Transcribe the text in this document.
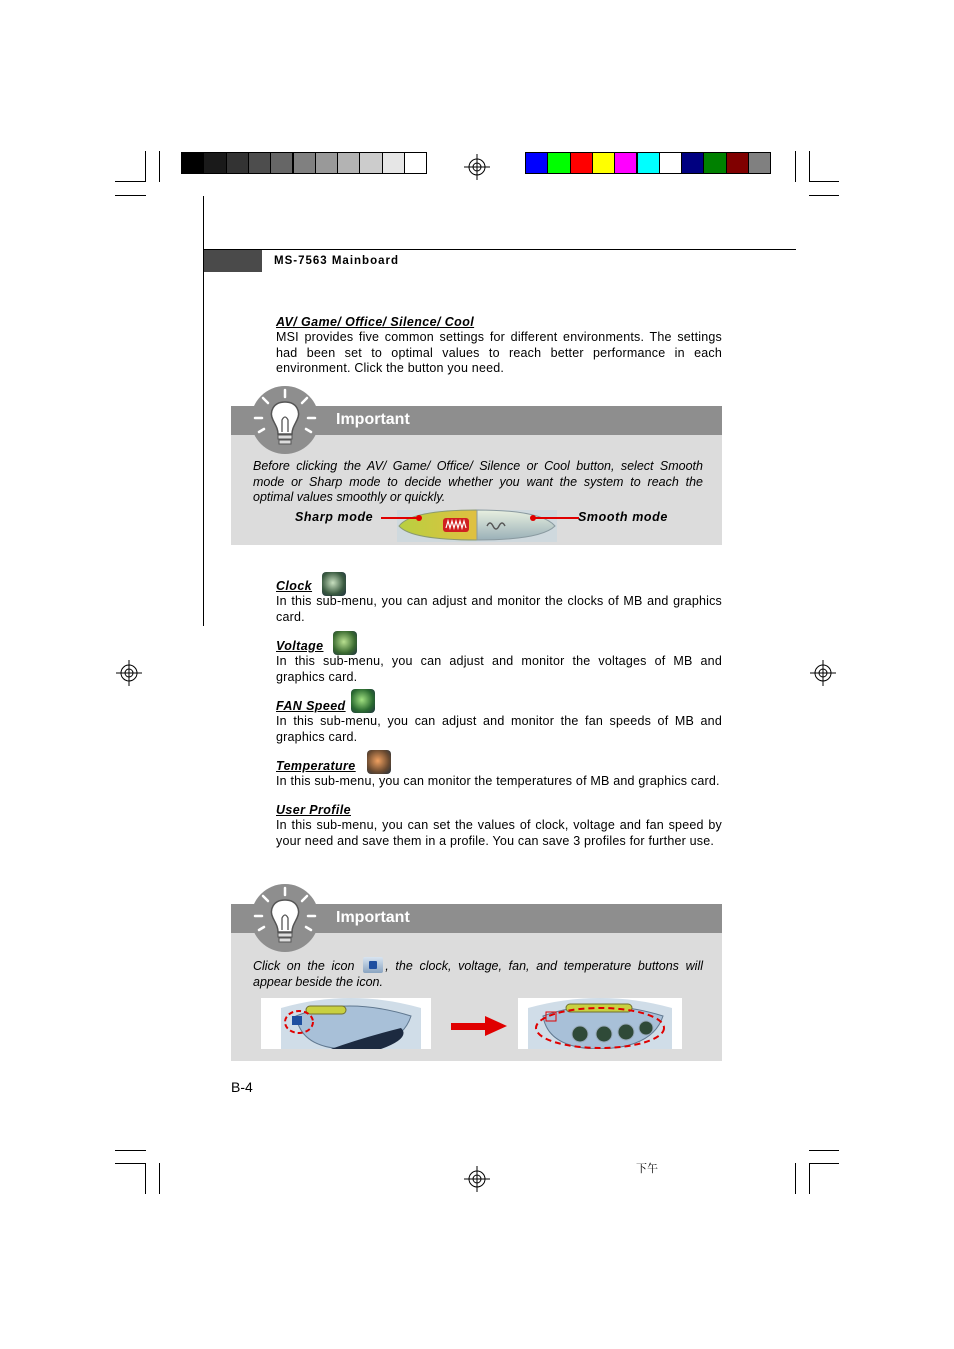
MS-7563 Mainboard
AV/ Game/ Office/ Silence/ Cool
MSI provides five common settings for different environments. The settings had been set to optimal values to reach better performance in each environment. Click the button you need.
Important
Before clicking the AV/ Game/ Office/ Silence or Cool button, select Smooth mode or Sharp mode to decide whether you want the system to reach the optimal values smoothly or quickly.
Sharp mode	Smooth mode
Clock
In this sub-menu, you can adjust and monitor the clocks of MB and graphics card.
Voltage
In this sub-menu, you can adjust and monitor the voltages of MB and graphics card.
FAN Speed
In this sub-menu, you can adjust and monitor the fan speeds of MB and graphics card.
Temperature
In this sub-menu, you can monitor the temperatures of MB and graphics card.
User Profile
In this sub-menu, you can set the values of clock, voltage and fan speed by your need and save them in a profile. You can save 3 profiles for further use.
Important
Click on the icon , the clock, voltage, fan, and temperature buttons will appear beside the icon.
B-4
下午
